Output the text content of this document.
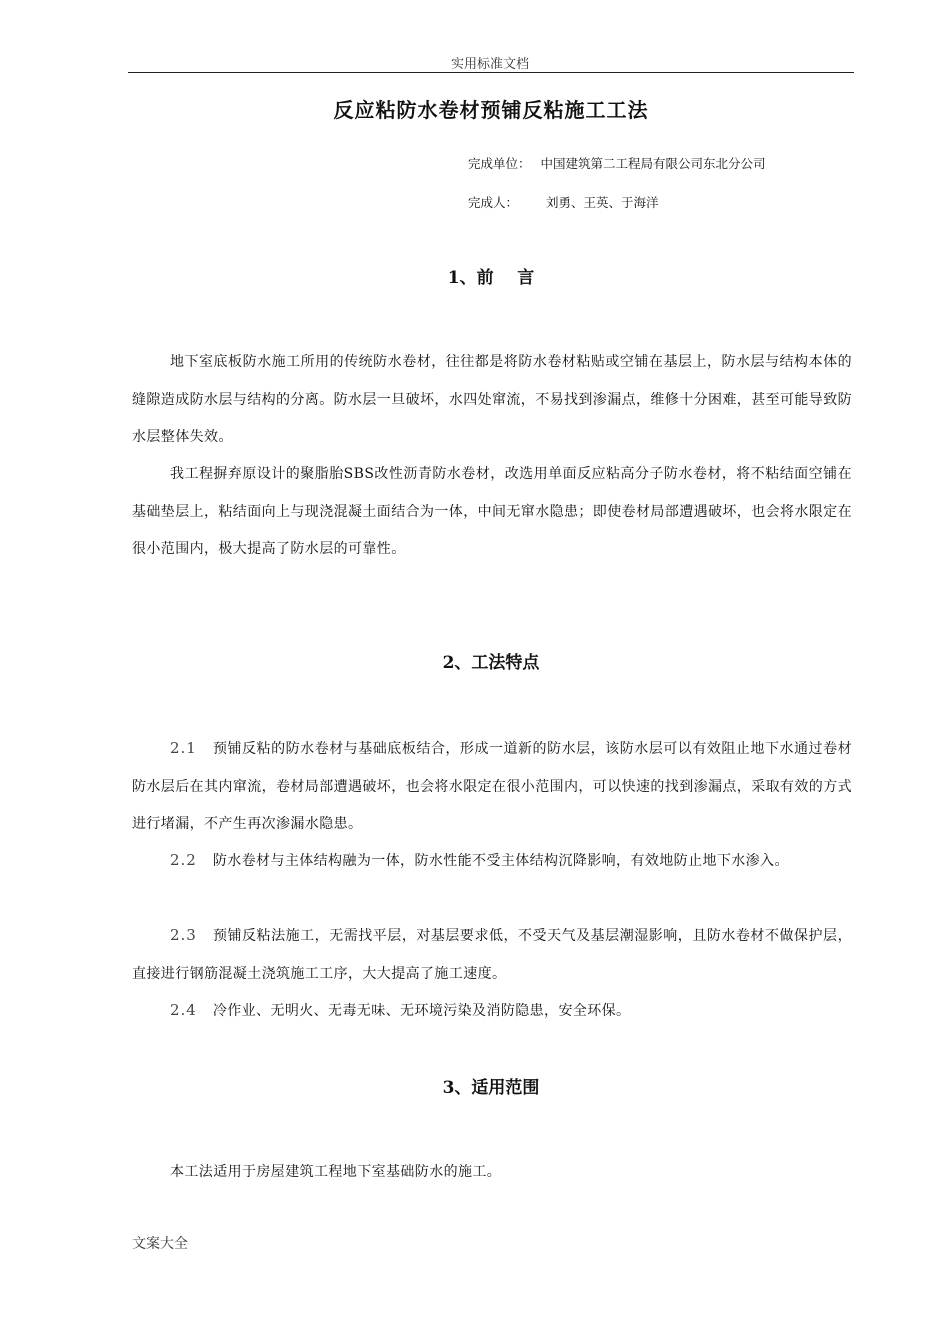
实用标准文档
反应粘防水卷材预铺反粘施工工法
完成单位： 中国建筑第二工程局有限公司东北分公司
完成人： 刘勇、王英、于海洋
1、前    言
地下室底板防水施工所用的传统防水卷材，往往都是将防水卷材粘贴或空铺在基层上，防水层与结构本体的缝隙造成防水层与结构的分离。防水层一旦破坏，水四处窜流，不易找到渗漏点，维修十分困难，甚至可能导致防水层整体失效。
我工程摒弃原设计的聚脂胎SBS改性沥青防水卷材，改选用单面反应粘高分子防水卷材，将不粘结面空铺在基础垫层上，粘结面向上与现浇混凝土面结合为一体，中间无窜水隐患；即使卷材局部遭遇破坏，也会将水限定在很小范围内，极大提高了防水层的可靠性。
2、工法特点
2.1 预铺反粘的防水卷材与基础底板结合，形成一道新的防水层，该防水层可以有效阻止地下水通过卷材防水层后在其内窜流，卷材局部遭遇破坏，也会将水限定在很小范围内，可以快速的找到渗漏点，采取有效的方式进行堵漏，不产生再次渗漏水隐患。
2.2 防水卷材与主体结构融为一体，防水性能不受主体结构沉降影响，有效地防止地下水渗入。
2.3 预铺反粘法施工，无需找平层，对基层要求低，不受天气及基层潮湿影响，且防水卷材不做保护层，直接进行钢筋混凝土浇筑施工工序，大大提高了施工速度。
2.4 冷作业、无明火、无毒无味、无环境污染及消防隐患，安全环保。
3、适用范围
本工法适用于房屋建筑工程地下室基础防水的施工。
文案大全
